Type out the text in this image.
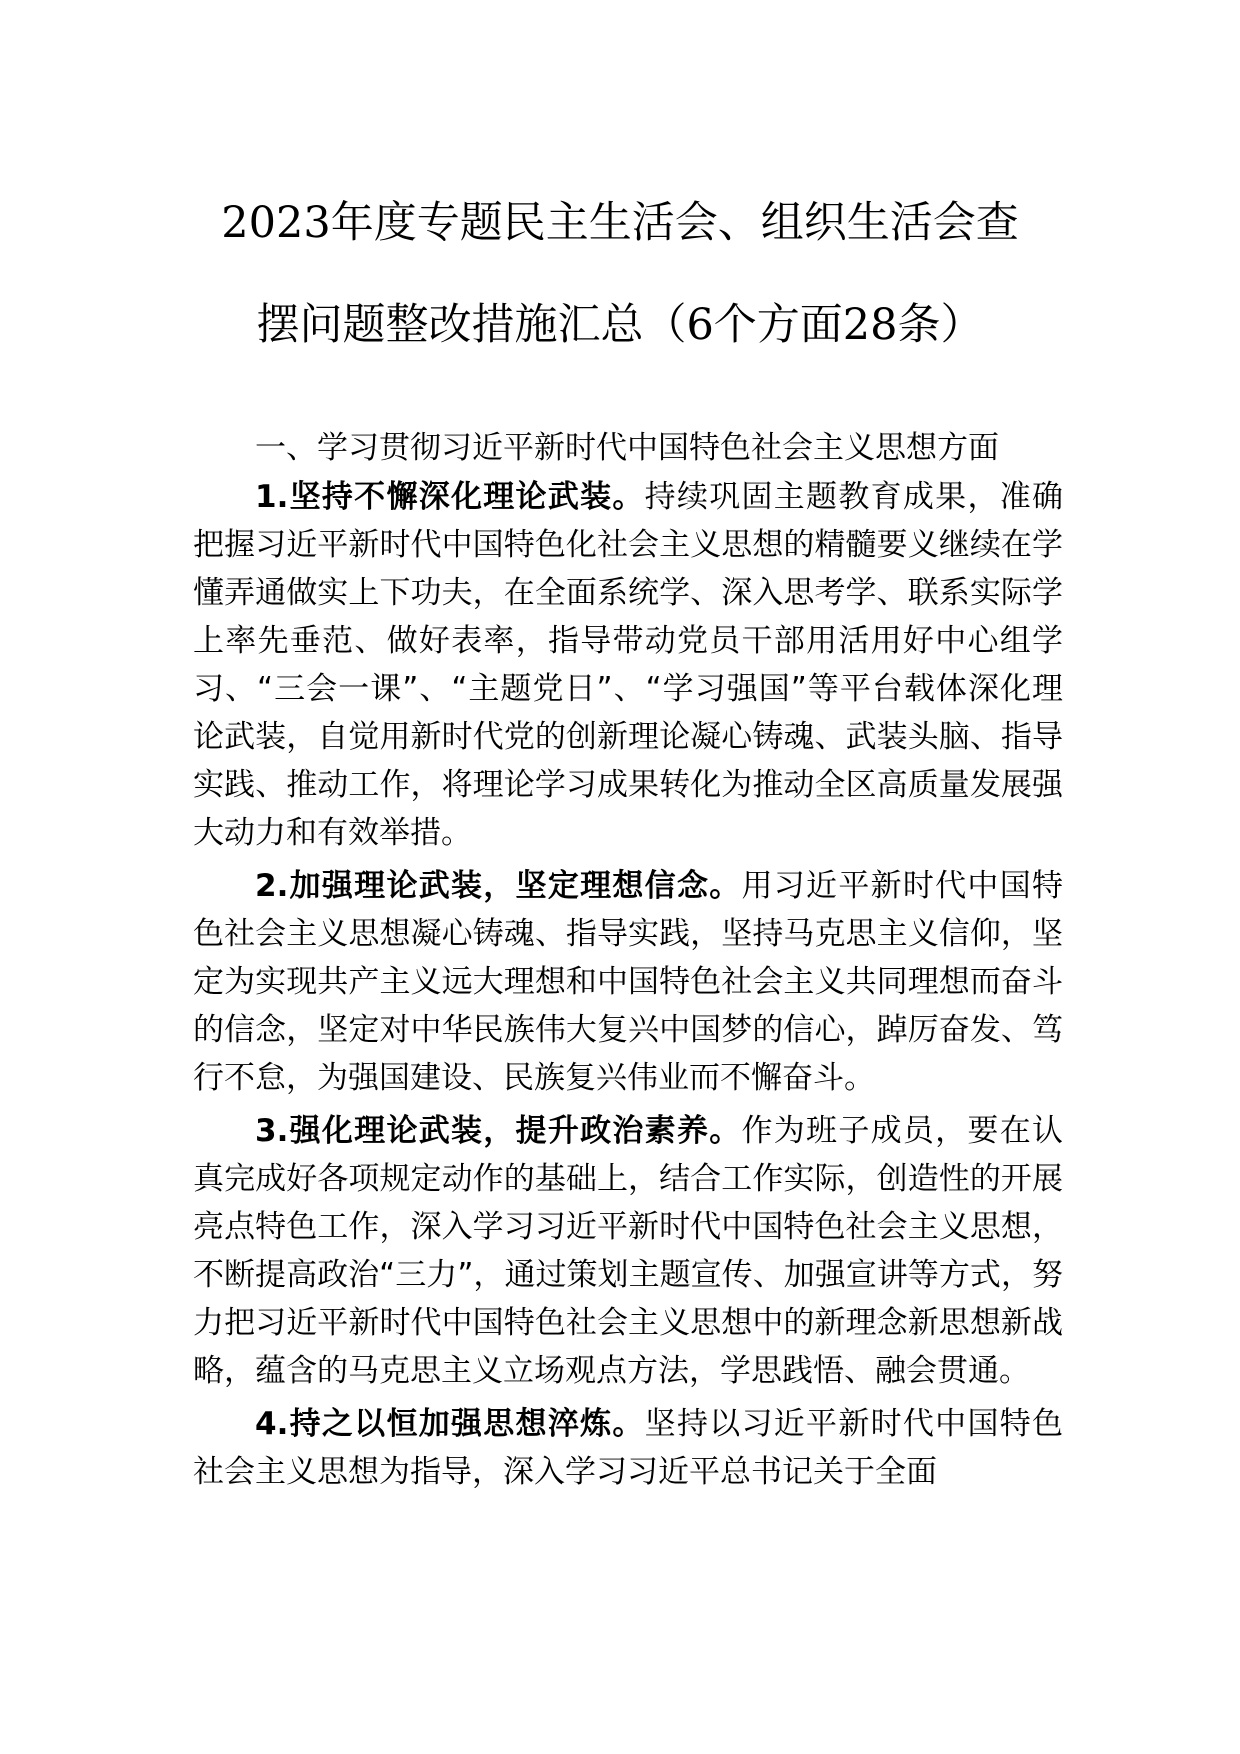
2023年度专题民主生活会、组织生活会查
摆问题整改措施汇总（6个方面28条）

一、学习贯彻习近平新时代中国特色社会主义思想方面

1.坚持不懈深化理论武装。持续巩固主题教育成果，准确把握习近平新时代中国特色化社会主义思想的精髓要义继续在学懂弄通做实上下功夫，在全面系统学、深入思考学、联系实际学上率先垂范、做好表率，指导带动党员干部用活用好中心组学习、“三会一课”、“主题党日”、“学习强国”等平台载体深化理论武装，自觉用新时代党的创新理论凝心铸魂、武装头脑、指导实践、推动工作，将理论学习成果转化为推动全区高质量发展强大动力和有效举措。

2.加强理论武装，坚定理想信念。用习近平新时代中国特色社会主义思想凝心铸魂、指导实践，坚持马克思主义信仰，坚定为实现共产主义远大理想和中国特色社会主义共同理想而奋斗的信念，坚定对中华民族伟大复兴中国梦的信心，踔厉奋发、笃行不怠，为强国建设、民族复兴伟业而不懈奋斗。

3.强化理论武装，提升政治素养。作为班子成员，要在认真完成好各项规定动作的基础上，结合工作实际，创造性的开展亮点特色工作，深入学习习近平新时代中国特色社会主义思想，不断提高政治“三力”，通过策划主题宣传、加强宣讲等方式，努力把习近平新时代中国特色社会主义思想中的新理念新思想新战略，蕴含的马克思主义立场观点方法，学思践悟、融会贯通。

4.持之以恒加强思想淬炼。坚持以习近平新时代中国特色社会主义思想为指导，深入学习习近平总书记关于全面
